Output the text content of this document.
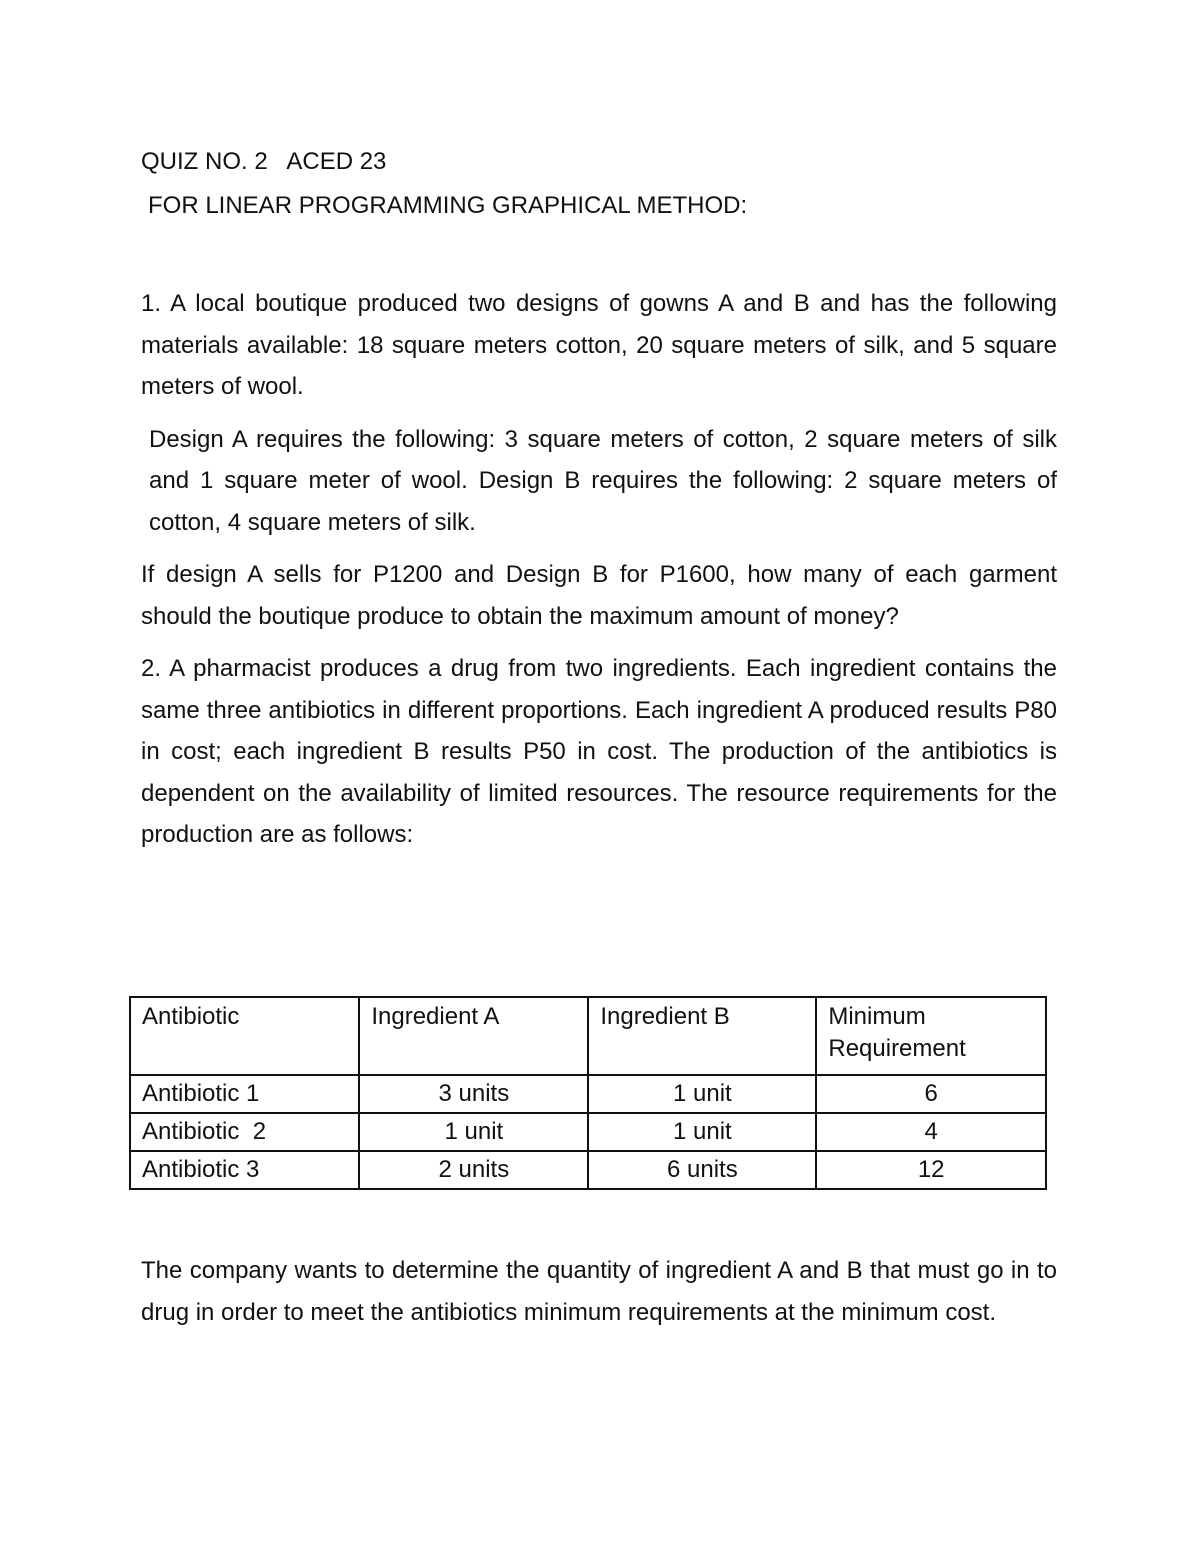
QUIZ NO. 2   ACED 23
FOR LINEAR PROGRAMMING GRAPHICAL METHOD:

1. A local boutique produced two designs of gowns A and B and has the following materials available: 18 square meters cotton, 20 square meters of silk, and 5 square meters of wool.

Design A requires the following: 3 square meters of cotton, 2 square meters of silk and 1 square meter of wool. Design B requires the following: 2 square meters of cotton, 4 square meters of silk.

If design A sells for P1200 and Design B for P1600, how many of each garment should the boutique produce to obtain the maximum amount of money?

2. A pharmacist produces a drug from two ingredients. Each ingredient contains the same three antibiotics in different proportions. Each ingredient A produced results P80 in cost; each ingredient B results P50 in cost. The production of the antibiotics is dependent on the availability of limited resources. The resource requirements for the production are as follows:

Antibiotic	Ingredient A	Ingredient B	Minimum Requirement
Antibiotic 1	3 units	1 unit	6
Antibiotic  2	1 unit	1 unit	4
Antibiotic 3	2 units	6 units	12

The company wants to determine the quantity of ingredient A and B that must go in to drug in order to meet the antibiotics minimum requirements at the minimum cost.
